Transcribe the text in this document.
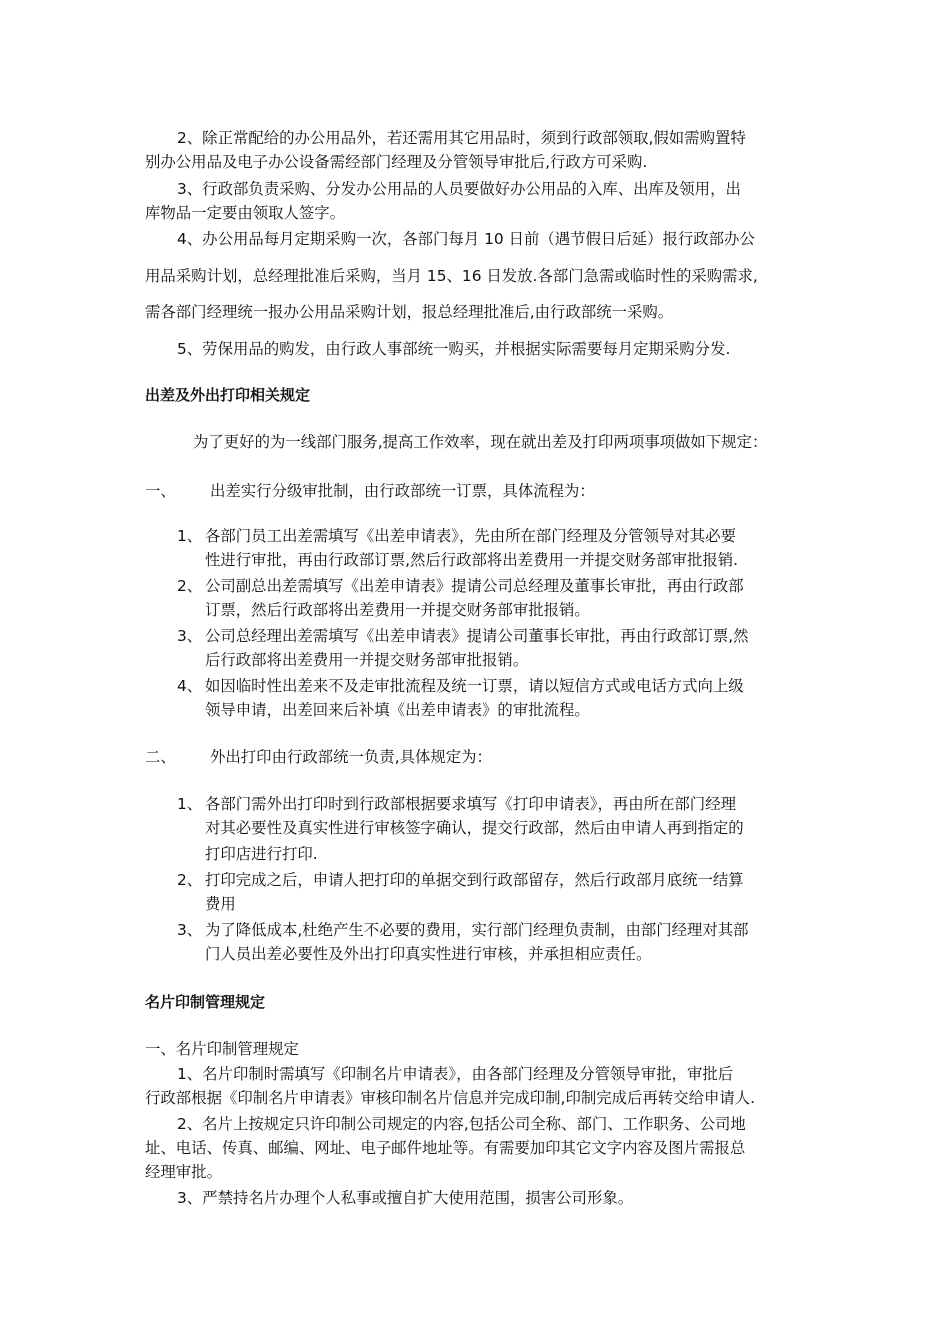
2、除正常配给的办公用品外，若还需用其它用品时，须到行政部领取,假如需购置特
别办公用品及电子办公设备需经部门经理及分管领导审批后,行政方可采购.
3、行政部负责采购、分发办公用品的人员要做好办公用品的入库、出库及领用，出
库物品一定要由领取人签字。
4、办公用品每月定期采购一次，各部门每月 10 日前（遇节假日后延）报行政部办公
用品采购计划，总经理批准后采购，当月 15、16 日发放.各部门急需或临时性的采购需求,
需各部门经理统一报办公用品采购计划，报总经理批准后,由行政部统一采购。
5、劳保用品的购发，由行政人事部统一购买，并根据实际需要每月定期采购分发.
出差及外出打印相关规定
为了更好的为一线部门服务,提高工作效率，现在就出差及打印两项事项做如下规定：
一、 出差实行分级审批制，由行政部统一订票，具体流程为：
1、 各部门员工出差需填写《出差申请表》，先由所在部门经理及分管领导对其必要
性进行审批，再由行政部订票,然后行政部将出差费用一并提交财务部审批报销.
2、 公司副总出差需填写《出差申请表》提请公司总经理及董事长审批，再由行政部
订票，然后行政部将出差费用一并提交财务部审批报销。
3、 公司总经理出差需填写《出差申请表》提请公司董事长审批，再由行政部订票,然
后行政部将出差费用一并提交财务部审批报销。
4、 如因临时性出差来不及走审批流程及统一订票，请以短信方式或电话方式向上级
领导申请，出差回来后补填《出差申请表》的审批流程。
二、 外出打印由行政部统一负责,具体规定为：
1、 各部门需外出打印时到行政部根据要求填写《打印申请表》，再由所在部门经理
对其必要性及真实性进行审核签字确认，提交行政部，然后由申请人再到指定的
打印店进行打印.
2、 打印完成之后，申请人把打印的单据交到行政部留存，然后行政部月底统一结算
费用
3、 为了降低成本,杜绝产生不必要的费用，实行部门经理负责制，由部门经理对其部
门人员出差必要性及外出打印真实性进行审核，并承担相应责任。
名片印制管理规定
一、名片印制管理规定
1、名片印制时需填写《印制名片申请表》，由各部门经理及分管领导审批，审批后
行政部根据《印制名片申请表》审核印制名片信息并完成印制,印制完成后再转交给申请人.
2、名片上按规定只许印制公司规定的内容,包括公司全称、部门、工作职务、公司地
址、电话、传真、邮编、网址、电子邮件地址等。有需要加印其它文字内容及图片需报总
经理审批。
3、严禁持名片办理个人私事或擅自扩大使用范围，损害公司形象。
